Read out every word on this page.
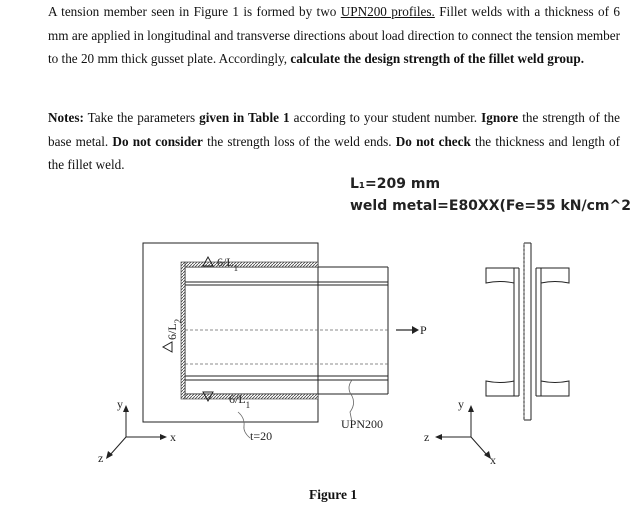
A tension member seen in Figure 1 is formed by two UPN200 profiles. Fillet welds with a thickness of 6 mm are applied in longitudinal and transverse directions about load direction to connect the tension member to the 20 mm thick gusset plate. Accordingly, calculate the design strength of the fillet weld group.
Notes: Take the parameters given in Table 1 according to your student number. Ignore the strength of the base metal. Do not consider the strength loss of the weld ends. Do not check the thickness and length of the fillet weld.
L₁=209 mm
weld metal=E80XX(Fe=55 kN/cm^2
$6/L_1$
$6/L_1$
$6/L_2$
P
t=20
UPN200
y
x
z
y
z
x
Figure 1
